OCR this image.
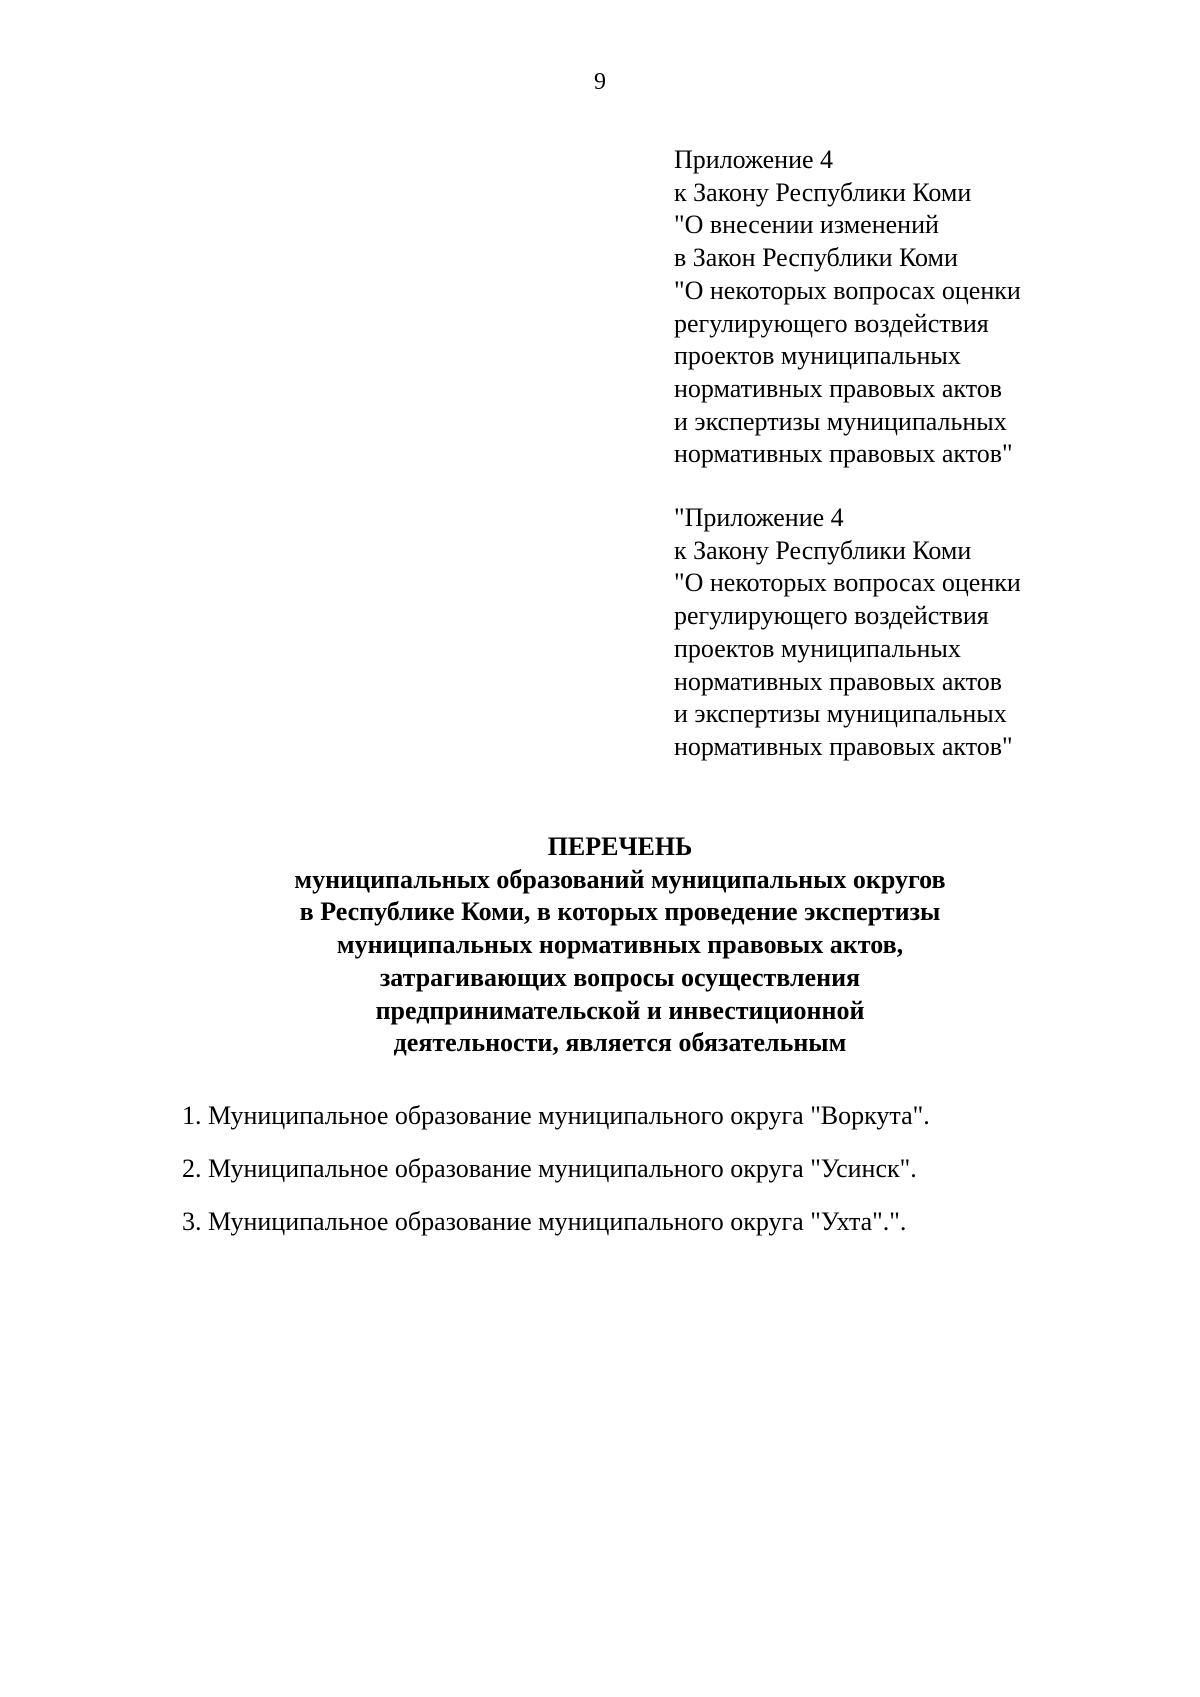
9
Приложение 4
к Закону Республики Коми
"О внесении изменений
в Закон Республики Коми
"О некоторых вопросах оценки
регулирующего воздействия
проектов муниципальных
нормативных правовых актов
и экспертизы муниципальных
нормативных правовых актов"
"Приложение 4
к Закону Республики Коми
"О некоторых вопросах оценки
регулирующего воздействия
проектов муниципальных
нормативных правовых актов
и экспертизы муниципальных
нормативных правовых актов"
ПЕРЕЧЕНЬ
муниципальных образований муниципальных округов
в Республике Коми, в которых проведение экспертизы
муниципальных нормативных правовых актов,
затрагивающих вопросы осуществления
предпринимательской и инвестиционной
деятельности, является обязательным
1. Муниципальное образование муниципального округа "Воркута".
2. Муниципальное образование муниципального округа "Усинск".
3. Муниципальное образование муниципального округа "Ухта".".
